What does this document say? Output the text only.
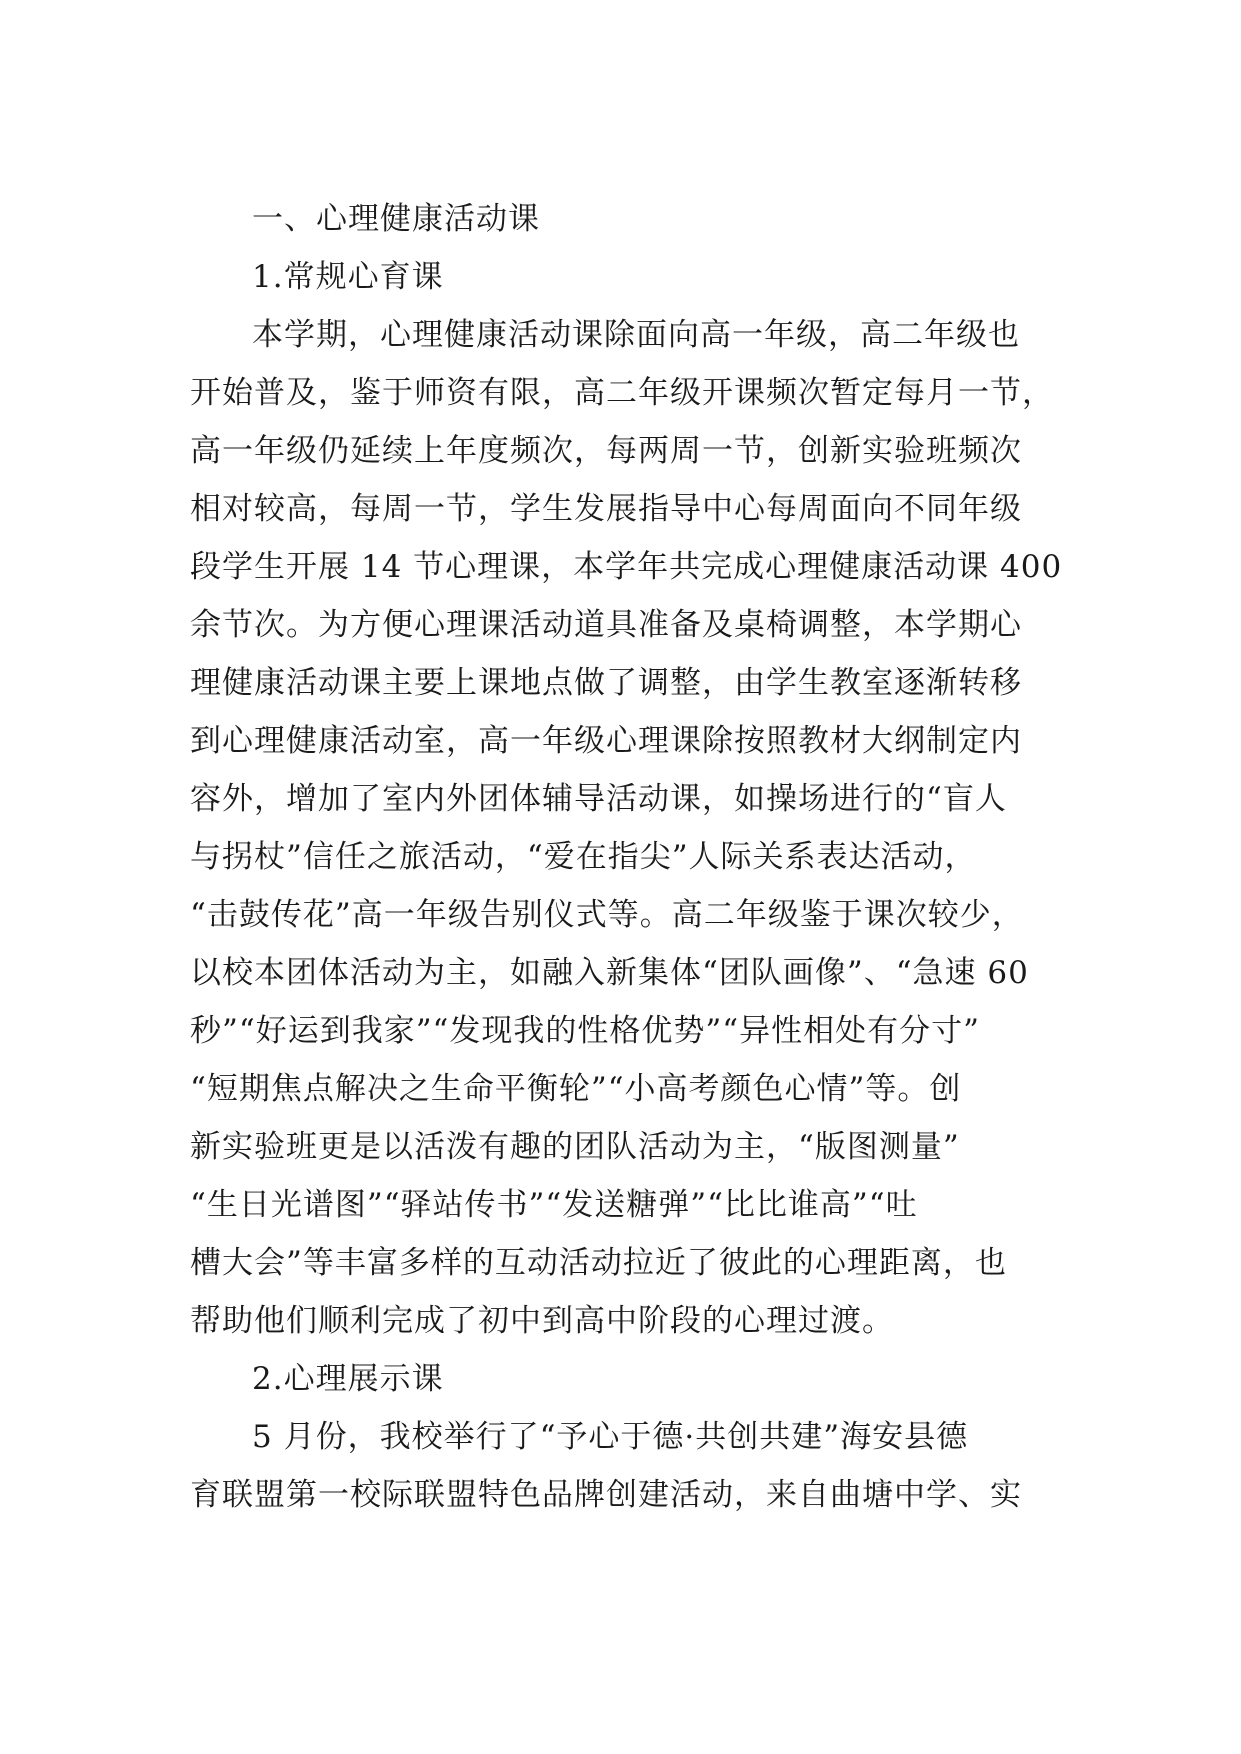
一、心理健康活动课
1.常规心育课
本学期，心理健康活动课除面向高一年级，高二年级也
开始普及，鉴于师资有限，高二年级开课频次暂定每月一节，
高一年级仍延续上年度频次，每两周一节，创新实验班频次
相对较高，每周一节，学生发展指导中心每周面向不同年级
段学生开展 14 节心理课，本学年共完成心理健康活动课 400
余节次。为方便心理课活动道具准备及桌椅调整，本学期心
理健康活动课主要上课地点做了调整，由学生教室逐渐转移
到心理健康活动室，高一年级心理课除按照教材大纲制定内
容外，增加了室内外团体辅导活动课，如操场进行的“盲人
与拐杖”信任之旅活动，“爱在指尖”人际关系表达活动，
“击鼓传花”高一年级告别仪式等。高二年级鉴于课次较少，
以校本团体活动为主，如融入新集体“团队画像”、“急速 60
秒”“好运到我家”“发现我的性格优势”“异性相处有分寸”
“短期焦点解决之生命平衡轮”“小高考颜色心情”等。创
新实验班更是以活泼有趣的团队活动为主，“版图测量”
“生日光谱图”“驿站传书”“发送糖弹”“比比谁高”“吐
槽大会”等丰富多样的互动活动拉近了彼此的心理距离，也
帮助他们顺利完成了初中到高中阶段的心理过渡。
2.心理展示课
5 月份，我校举行了“予心于德·共创共建”海安县德
育联盟第一校际联盟特色品牌创建活动，来自曲塘中学、实
